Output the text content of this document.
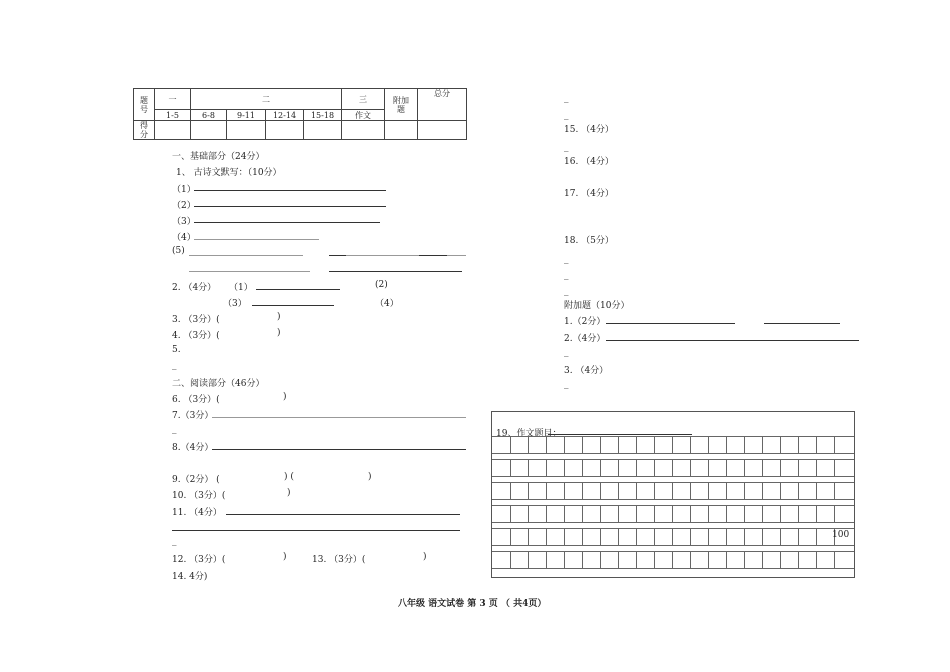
题号	一	二				三	附加题	总分
	1-5	6-8	9-11	12-14	15-18	作文		
得分								
一、基础部分（24分）
1、 古诗文默写：（10分）
（1）
（2）
（3）
（4）
(5)
2. （4分） （1）	(2)
（3）	（4）
3. （3分）(	)
4. （3分）(	)
5.
_
二、阅读部分（46分）
6. （3分）(	)
7.（3分）
_
8.（4分）
9.（2分） (	) (	)
10. （3分）(	)
11. （4分）
_
12. （3分）(	)	13. （3分）(	)
14. 4分)
_
_
15. （4分）
_
16. （4分）
17. （4分）
18. （5分）
_
_
_
附加题（10分）
1.（2分）
2.（4分）
_
3. （4分）
_
19、作文题目：
100
八年级 语文试卷 第 3 页 （ 共4页）
